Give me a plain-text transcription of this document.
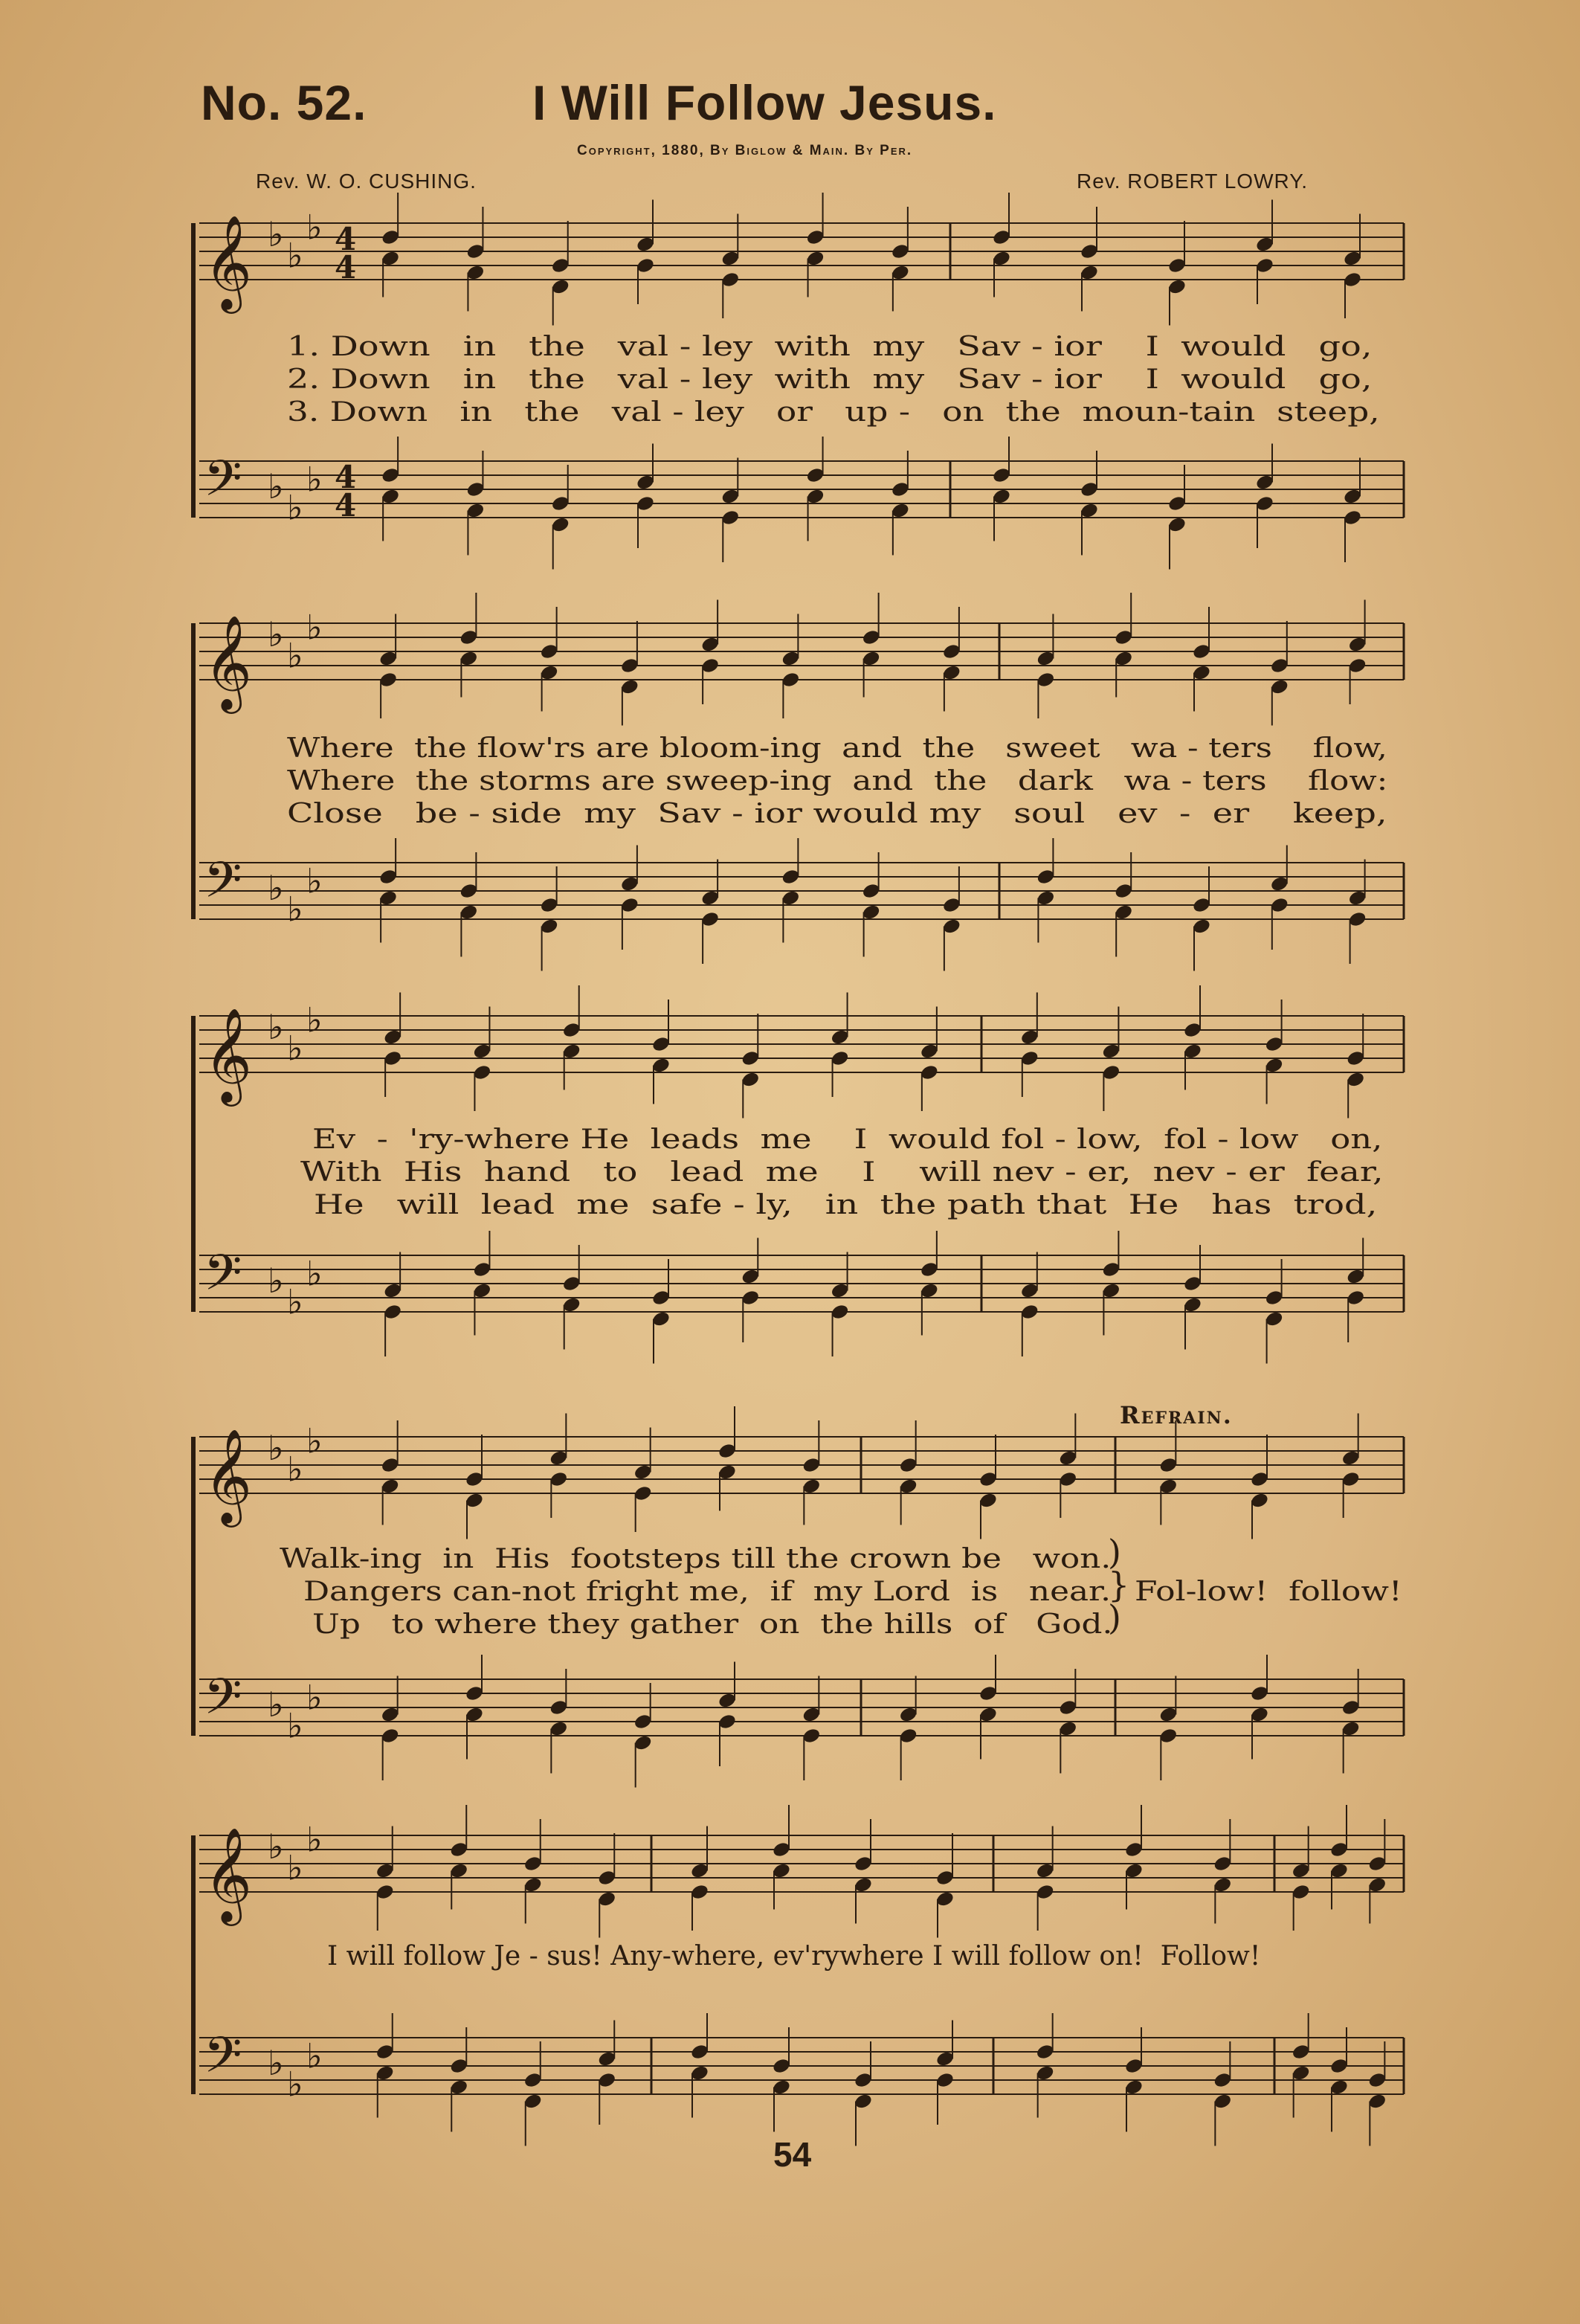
No. 52.	I Will Follow Jesus.
Copyright, 1880, By Biglow & Main. By Per.
Rev. W. O. CUSHING.	Rev. ROBERT LOWRY.
𝄞 ♭
♭
♭
𝄢 ♭
♭
♭
4
4
4
4
𝄞 ♭
♭
♭
𝄢 ♭
♭
♭
𝄞 ♭
♭
♭
𝄢 ♭
♭
♭
𝄞 ♭
♭
♭
𝄢 ♭
♭
♭
𝄞 ♭
♭
♭
𝄢 ♭
♭
♭
1. Down   in   the   val - ley  with  my   Sav - ior    I  would   go,
2. Down   in   the   val - ley  with  my   Sav - ior    I  would   go,
3. Down   in   the   val - ley   or   up -   on  the  moun-tain  steep,
Where  the flow'rs are bloom-ing  and  the   sweet   wa - ters    flow,
Where  the storms are sweep-ing  and  the   dark   wa - ters    flow:
Close   be - side  my  Sav - ior would my   soul   ev  -  er    keep,
Ev  -  'ry-where He  leads  me    I  would fol - low,  fol - low   on,
With  His  hand   to   lead  me    I    will nev - er,  nev - er  fear,
He   will  lead  me  safe - ly,   in  the path that  He   has  trod,
Refrain.
Walk-ing  in  His  footsteps till the crown be   won.
Dangers can-not fright me,  if  my Lord  is   near.
Up   to where they gather  on  the hills  of   God.
)
}
)
Fol-low!  follow!
I will follow Je - sus! Any-where, ev'rywhere I will follow on!  Follow!
54
